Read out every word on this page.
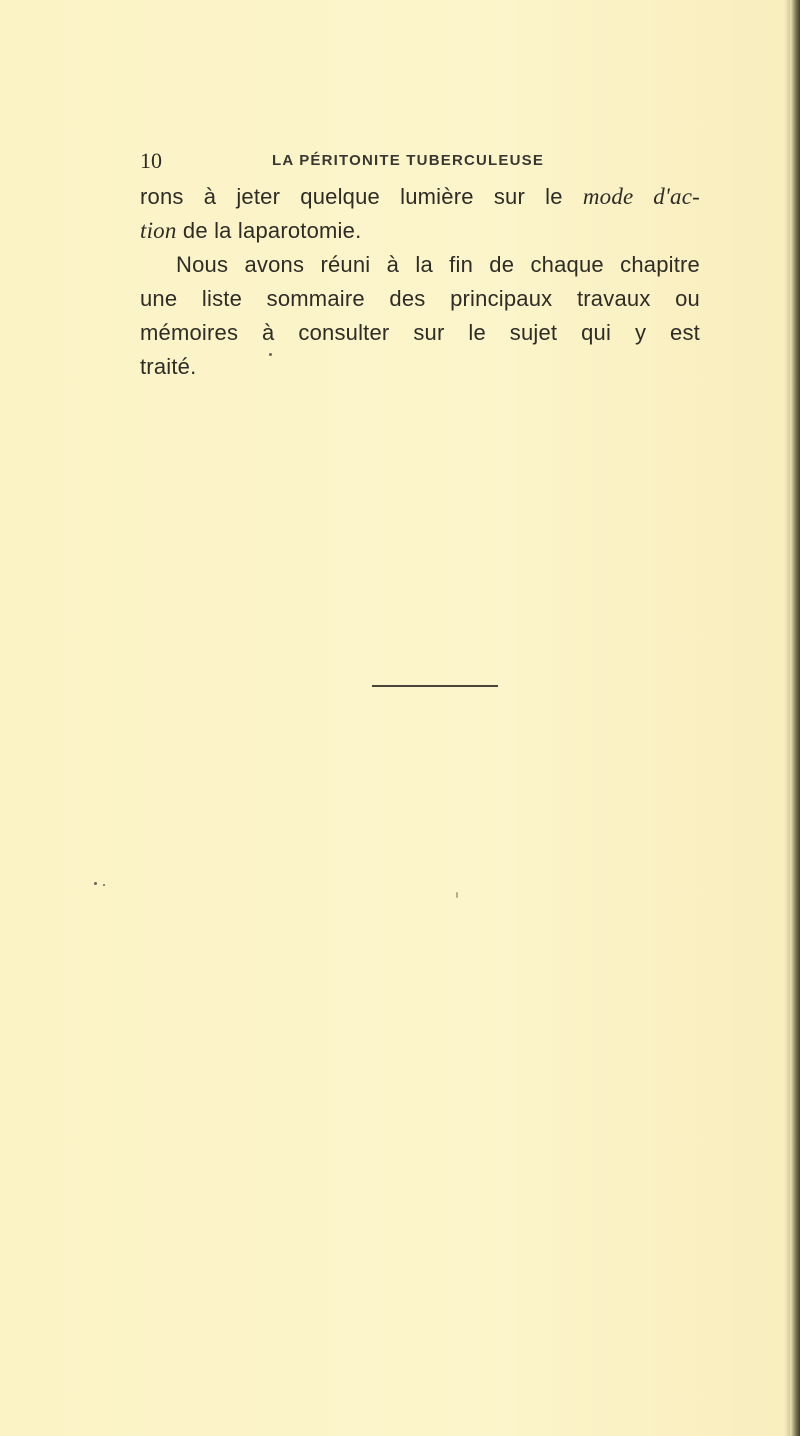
10	LA PÉRITONITE TUBERCULEUSE
rons à jeter quelque lumière sur le mode d'ac-
tion de la laparotomie.
Nous avons réuni à la fin de chaque chapitre
une liste sommaire des principaux travaux ou
mémoires à consulter sur le sujet qui y est
traité.
